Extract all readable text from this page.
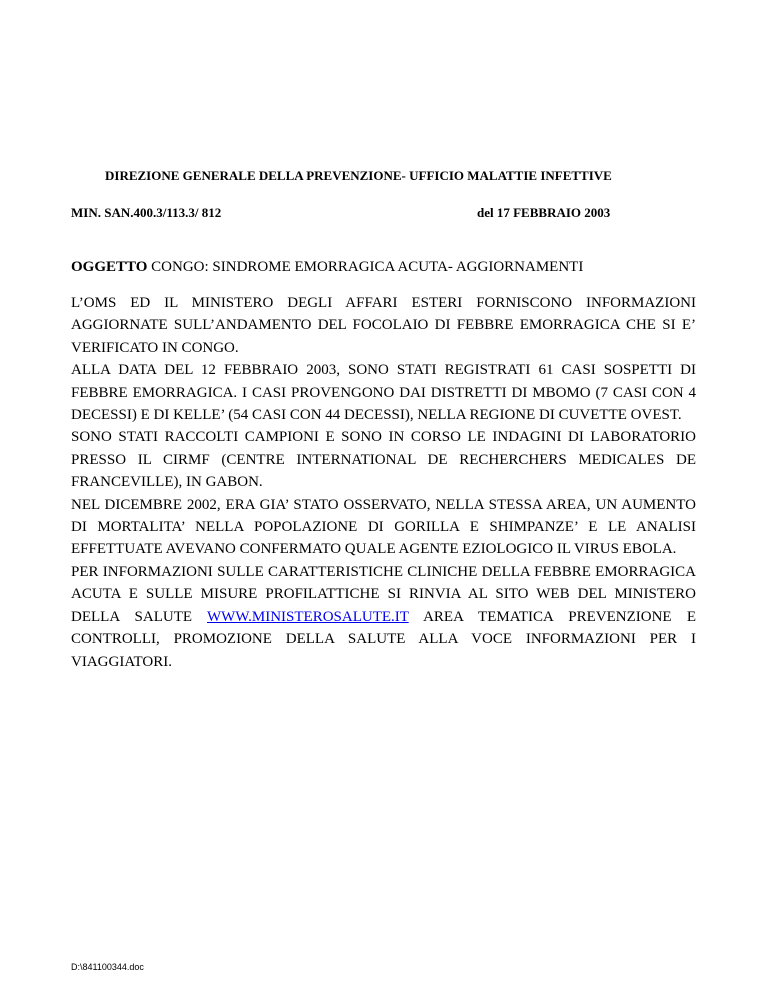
DIREZIONE GENERALE DELLA PREVENZIONE- UFFICIO MALATTIE INFETTIVE
MIN. SAN.400.3/113.3/ 812	del 17 FEBBRAIO 2003
OGGETTO CONGO: SINDROME EMORRAGICA ACUTA- AGGIORNAMENTI

L’OMS ED IL MINISTERO DEGLI AFFARI ESTERI FORNISCONO INFORMAZIONI AGGIORNATE SULL’ANDAMENTO DEL FOCOLAIO DI FEBBRE EMORRAGICA CHE SI E’ VERIFICATO IN CONGO.

ALLA DATA DEL 12 FEBBRAIO 2003, SONO STATI REGISTRATI 61 CASI SOSPETTI DI FEBBRE EMORRAGICA. I CASI PROVENGONO DAI DISTRETTI DI MBOMO (7 CASI CON 4 DECESSI) E DI KELLE’ (54 CASI CON 44 DECESSI), NELLA REGIONE DI CUVETTE OVEST.

SONO STATI RACCOLTI CAMPIONI E SONO IN CORSO LE INDAGINI DI LABORATORIO PRESSO IL CIRMF (CENTRE INTERNATIONAL DE RECHERCHERS MEDICALES DE FRANCEVILLE), IN GABON.

NEL DICEMBRE 2002, ERA GIA’ STATO OSSERVATO, NELLA STESSA AREA, UN AUMENTO DI MORTALITA’ NELLA POPOLAZIONE DI GORILLA E SHIMPANZE’ E LE ANALISI EFFETTUATE AVEVANO CONFERMATO QUALE AGENTE EZIOLOGICO IL VIRUS EBOLA.

PER INFORMAZIONI SULLE CARATTERISTICHE CLINICHE DELLA FEBBRE EMORRAGICA ACUTA E SULLE MISURE PROFILATTICHE SI RINVIA AL SITO WEB DEL MINISTERO DELLA SALUTE WWW.MINISTEROSALUTE.IT AREA TEMATICA PREVENZIONE E CONTROLLI, PROMOZIONE DELLA SALUTE ALLA VOCE INFORMAZIONI PER I VIAGGIATORI.

D:\841100344.doc
